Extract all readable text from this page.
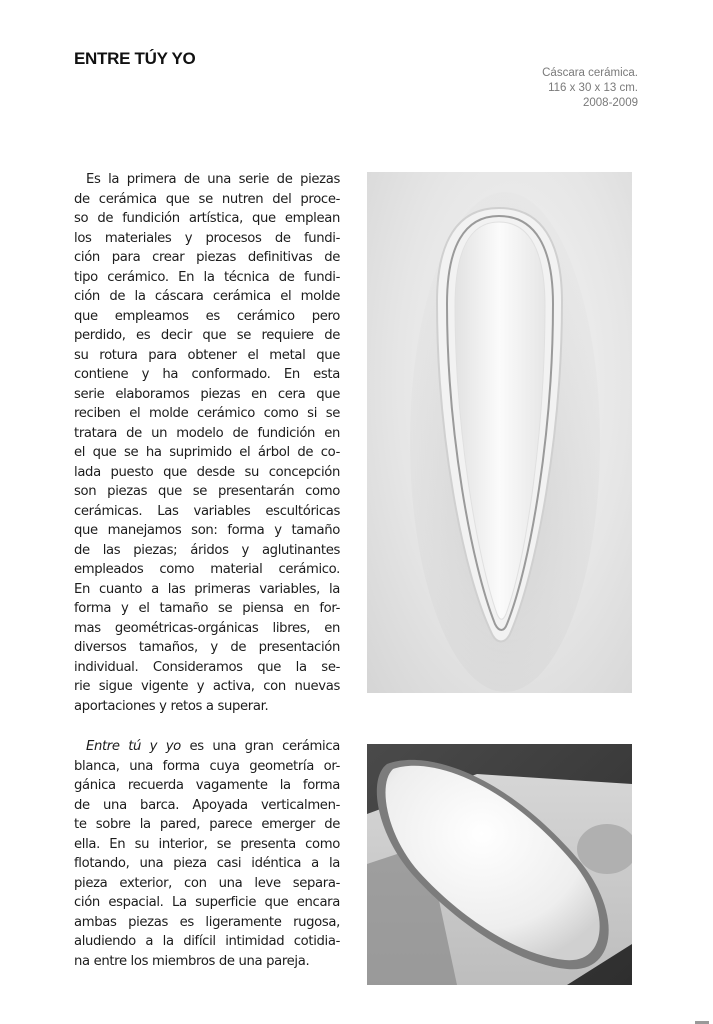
ENTRE TÚY YO
Cáscara cerámica.
116 x 30 x 13 cm.
2008-2009
Es la primera de una serie de piezas
de cerámica que se nutren del proce-
so de fundición artística, que emplean
los materiales y procesos de fundi-
ción para crear piezas definitivas de
tipo cerámico. En la técnica de fundi-
ción de la cáscara cerámica el molde
que empleamos es cerámico pero
perdido, es decir que se requiere de
su rotura para obtener el metal que
contiene y ha conformado. En esta
serie elaboramos piezas en cera que
reciben el molde cerámico como si se
tratara de un modelo de fundición en
el que se ha suprimido el árbol de co-
lada puesto que desde su concepción
son piezas que se presentarán como
cerámicas. Las variables escultóricas
que manejamos son: forma y tamaño
de las piezas; áridos y aglutinantes
empleados como material cerámico.
En cuanto a las primeras variables, la
forma y el tamaño se piensa en for-
mas geométricas-orgánicas libres, en
diversos tamaños, y de presentación
individual. Consideramos que la se-
rie sigue vigente y activa, con nuevas
aportaciones y retos a superar.
Entre tú y yo es una gran cerámica
blanca, una forma cuya geometría or-
gánica recuerda vagamente la forma
de una barca. Apoyada verticalmen-
te sobre la pared, parece emerger de
ella. En su interior, se presenta como
flotando, una pieza casi idéntica a la
pieza exterior, con una leve separa-
ción espacial. La superficie que encara
ambas piezas es ligeramente rugosa,
aludiendo a la difícil intimidad cotidia-
na entre los miembros de una pareja.
